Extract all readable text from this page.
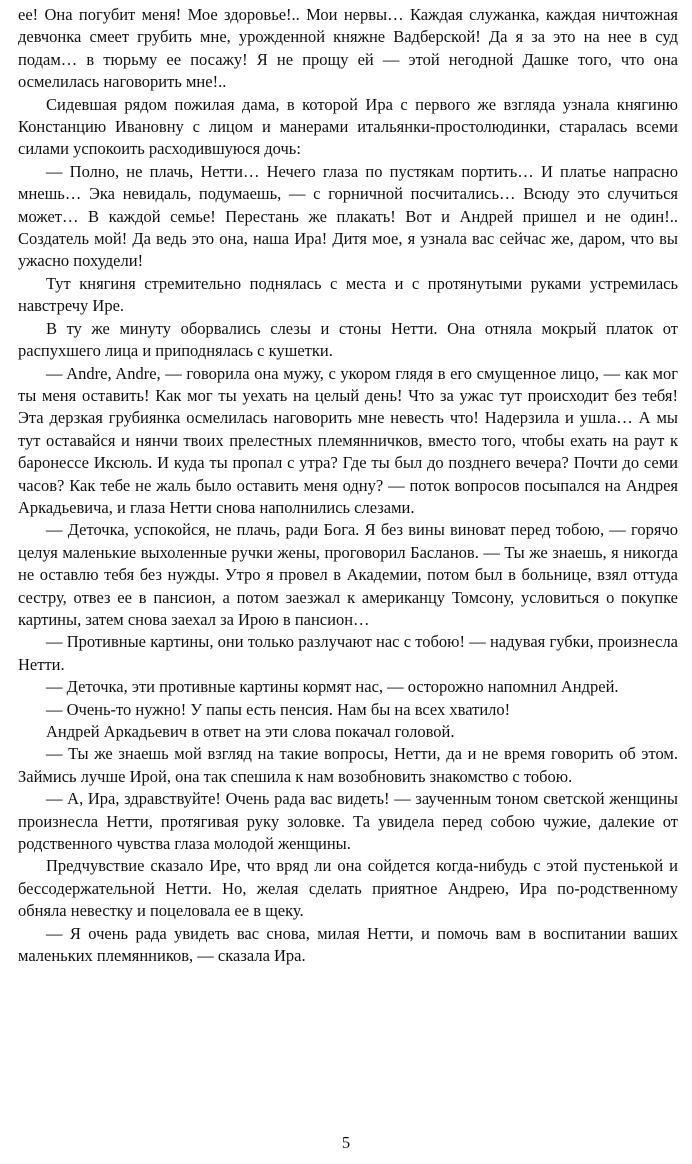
ее! Она погубит меня! Мое здоровье!.. Мои нервы… Каждая служанка, каждая ничтожная девчонка смеет грубить мне, урожденной княжне Вадберской! Да я за это на нее в суд подам… в тюрьму ее посажу! Я не прощу ей — этой негодной Дашке того, что она осмелилась наговорить мне!..

Сидевшая рядом пожилая дама, в которой Ира с первого же взгляда узнала княгиню Констанцию Ивановну с лицом и манерами итальянки-простолюдинки, старалась всеми силами успокоить расходившуюся дочь:

— Полно, не плачь, Нетти… Нечего глаза по пустякам портить… И платье напрасно мнешь… Эка невидаль, подумаешь, — с горничной посчитались… Всюду это случиться может… В каждой семье! Перестань же плакать! Вот и Андрей пришел и не один!.. Создатель мой! Да ведь это она, наша Ира! Дитя мое, я узнала вас сейчас же, даром, что вы ужасно похудели!

Тут княгиня стремительно поднялась с места и с протянутыми руками устремилась навстречу Ире.

В ту же минуту оборвались слезы и стоны Нетти. Она отняла мокрый платок от распухшего лица и приподнялась с кушетки.

— Andre, Andre, — говорила она мужу, с укором глядя в его смущенное лицо, — как мог ты меня оставить! Как мог ты уехать на целый день! Что за ужас тут происходит без тебя! Эта дерзкая грубиянка осмелилась наговорить мне невесть что! Надерзила и ушла… А мы тут оставайся и нянчи твоих прелестных племянничков, вместо того, чтобы ехать на раут к баронессе Иксюль. И куда ты пропал с утра? Где ты был до позднего вечера? Почти до семи часов? Как тебе не жаль было оставить меня одну? — поток вопросов посыпался на Андрея Аркадьевича, и глаза Нетти снова наполнились слезами.

— Деточка, успокойся, не плачь, ради Бога. Я без вины виноват перед тобою, — горячо целуя маленькие выхоленные ручки жены, проговорил Басланов. — Ты же знаешь, я никогда не оставлю тебя без нужды. Утро я провел в Академии, потом был в больнице, взял оттуда сестру, отвез ее в пансион, а потом заезжал к американцу Томсону, условиться о покупке картины, затем снова заехал за Ирою в пансион…

— Противные картины, они только разлучают нас с тобою! — надувая губки, произнесла Нетти.

— Деточка, эти противные картины кормят нас, — осторожно напомнил Андрей.

— Очень-то нужно! У папы есть пенсия. Нам бы на всех хватило!

Андрей Аркадьевич в ответ на эти слова покачал головой.

— Ты же знаешь мой взгляд на такие вопросы, Нетти, да и не время говорить об этом. Займись лучше Ирой, она так спешила к нам возобновить знакомство с тобою.

— А, Ира, здравствуйте! Очень рада вас видеть! — заученным тоном светской женщины произнесла Нетти, протягивая руку золовке. Та увидела перед собою чужие, далекие от родственного чувства глаза молодой женщины.

Предчувствие сказало Ире, что вряд ли она сойдется когда-нибудь с этой пустенькой и бессодержательной Нетти. Но, желая сделать приятное Андрею, Ира по-родственному обняла невестку и поцеловала ее в щеку.

— Я очень рада увидеть вас снова, милая Нетти, и помочь вам в воспитании ваших маленьких племянников, — сказала Ира.

5
